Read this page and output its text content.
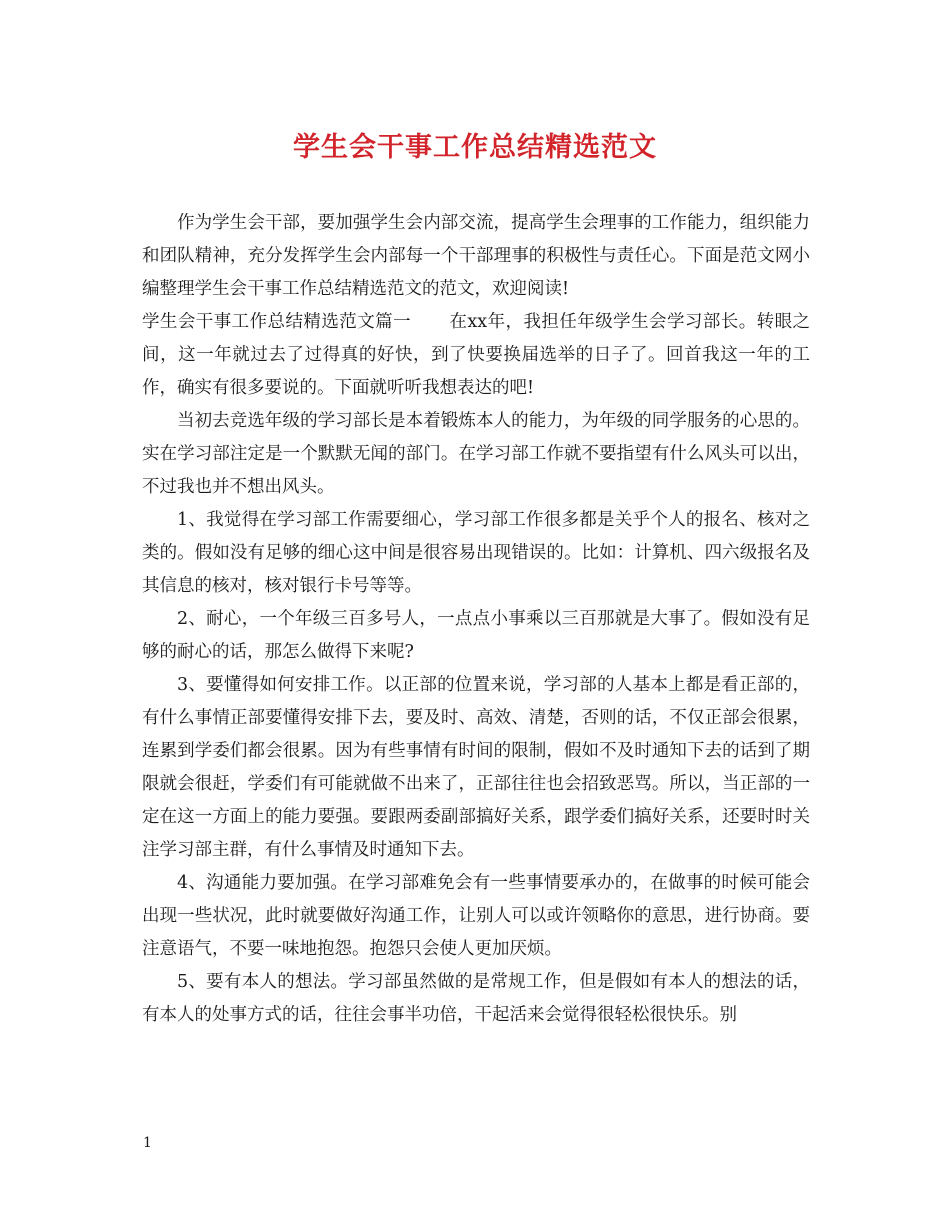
学生会干事工作总结精选范文

作为学生会干部，要加强学生会内部交流，提高学生会理事的工作能力，组织能力和团队精神，充分发挥学生会内部每一个干部理事的积极性与责任心。下面是范文网小编整理学生会干事工作总结精选范文的范文，欢迎阅读!

学生会干事工作总结精选范文篇一 在xx年，我担任年级学生会学习部长。转眼之间，这一年就过去了过得真的好快，到了快要换届选举的日子了。回首我这一年的工作，确实有很多要说的。下面就听听我想表达的吧!

当初去竞选年级的学习部长是本着锻炼本人的能力，为年级的同学服务的心思的。实在学习部注定是一个默默无闻的部门。在学习部工作就不要指望有什么风头可以出，不过我也并不想出风头。

1、我觉得在学习部工作需要细心，学习部工作很多都是关乎个人的报名、核对之类的。假如没有足够的细心这中间是很容易出现错误的。比如：计算机、四六级报名及其信息的核对，核对银行卡号等等。

2、耐心，一个年级三百多号人，一点点小事乘以三百那就是大事了。假如没有足够的耐心的话，那怎么做得下来呢?

3、要懂得如何安排工作。以正部的位置来说，学习部的人基本上都是看正部的，有什么事情正部要懂得安排下去，要及时、高效、清楚，否则的话，不仅正部会很累，连累到学委们都会很累。因为有些事情有时间的限制，假如不及时通知下去的话到了期限就会很赶，学委们有可能就做不出来了，正部往往也会招致恶骂。所以，当正部的一定在这一方面上的能力要强。要跟两委副部搞好关系，跟学委们搞好关系，还要时时关注学习部主群，有什么事情及时通知下去。

4、沟通能力要加强。在学习部难免会有一些事情要承办的，在做事的时候可能会出现一些状况，此时就要做好沟通工作，让别人可以或许领略你的意思，进行协商。要注意语气，不要一味地抱怨。抱怨只会使人更加厌烦。

5、要有本人的想法。学习部虽然做的是常规工作，但是假如有本人的想法的话，有本人的处事方式的话，往往会事半功倍，干起活来会觉得很轻松很快乐。别

1
